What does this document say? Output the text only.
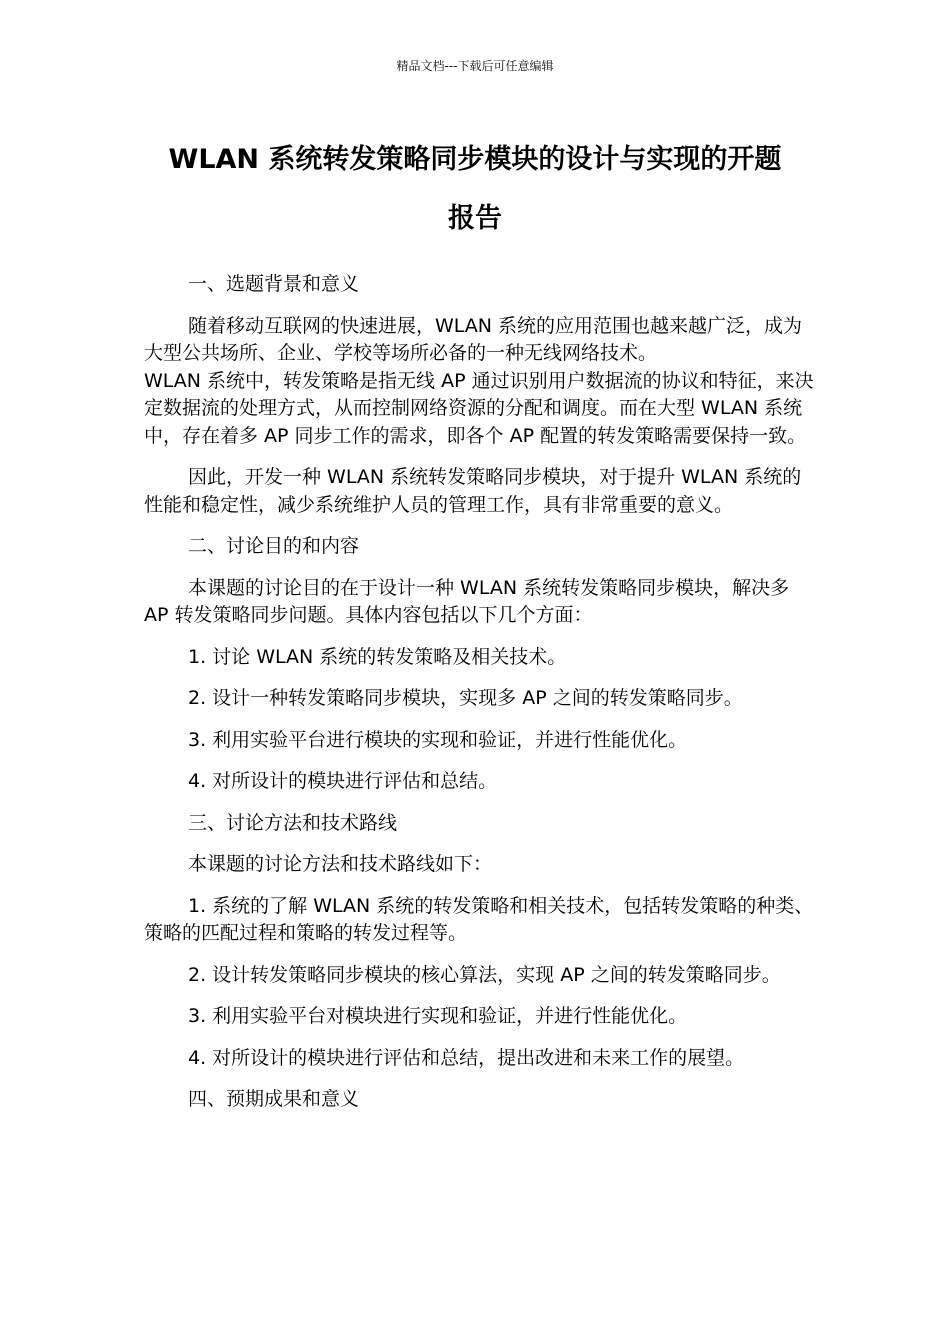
精品文档---下载后可任意编辑
WLAN 系统转发策略同步模块的设计与实现的开题
报告

一、选题背景和意义

随着移动互联网的快速进展，WLAN 系统的应用范围也越来越广泛，成为大型公共场所、企业、学校等场所必备的一种无线网络技术。

WLAN 系统中，转发策略是指无线 AP 通过识别用户数据流的协议和特征，来决定数据流的处理方式，从而控制网络资源的分配和调度。而在大型 WLAN 系统中，存在着多 AP 同步工作的需求，即各个 AP 配置的转发策略需要保持一致。

因此，开发一种 WLAN 系统转发策略同步模块，对于提升 WLAN 系统的性能和稳定性，减少系统维护人员的管理工作，具有非常重要的意义。

二、讨论目的和内容

本课题的讨论目的在于设计一种 WLAN 系统转发策略同步模块，解决多 AP 转发策略同步问题。具体内容包括以下几个方面：

1. 讨论 WLAN 系统的转发策略及相关技术。

2. 设计一种转发策略同步模块，实现多 AP 之间的转发策略同步。

3. 利用实验平台进行模块的实现和验证，并进行性能优化。

4. 对所设计的模块进行评估和总结。

三、讨论方法和技术路线

本课题的讨论方法和技术路线如下：

1. 系统的了解 WLAN 系统的转发策略和相关技术，包括转发策略的种类、策略的匹配过程和策略的转发过程等。

2. 设计转发策略同步模块的核心算法，实现 AP 之间的转发策略同步。

3. 利用实验平台对模块进行实现和验证，并进行性能优化。

4. 对所设计的模块进行评估和总结，提出改进和未来工作的展望。

四、预期成果和意义
